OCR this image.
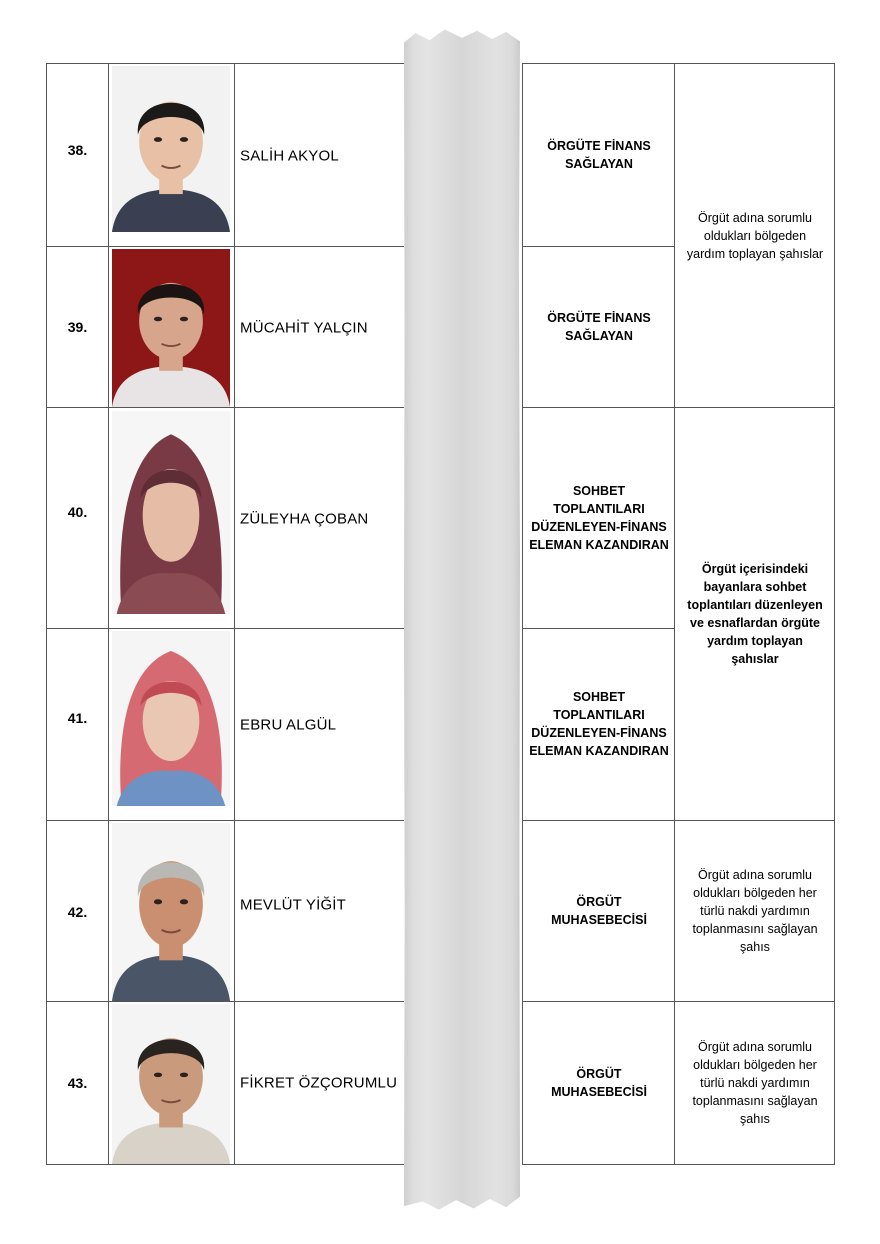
38.
39.
40.
41.
42.
43.
SALİH AKYOL
MÜCAHİT YALÇIN
ZÜLEYHA ÇOBAN
EBRU ALGÜL
MEVLÜT YİĞİT
FİKRET ÖZÇORUMLU
ÖRGÜTE FİNANS
SAĞLAYAN
ÖRGÜTE FİNANS
SAĞLAYAN
SOHBET
TOPLANTILARI
DÜZENLEYEN-FİNANS
ELEMAN KAZANDIRAN
SOHBET
TOPLANTILARI
DÜZENLEYEN-FİNANS
ELEMAN KAZANDIRAN
ÖRGÜT
MUHASEBECİSİ
ÖRGÜT
MUHASEBECİSİ
Örgüt adına sorumlu
oldukları bölgeden
yardım toplayan şahıslar
Örgüt içerisindeki
bayanlara sohbet
toplantıları düzenleyen
ve esnaflardan örgüte
yardım toplayan
şahıslar
Örgüt adına sorumlu
oldukları bölgeden her
türlü nakdi yardımın
toplanmasını sağlayan
şahıs
Örgüt adına sorumlu
oldukları bölgeden her
türlü nakdi yardımın
toplanmasını sağlayan
şahıs
